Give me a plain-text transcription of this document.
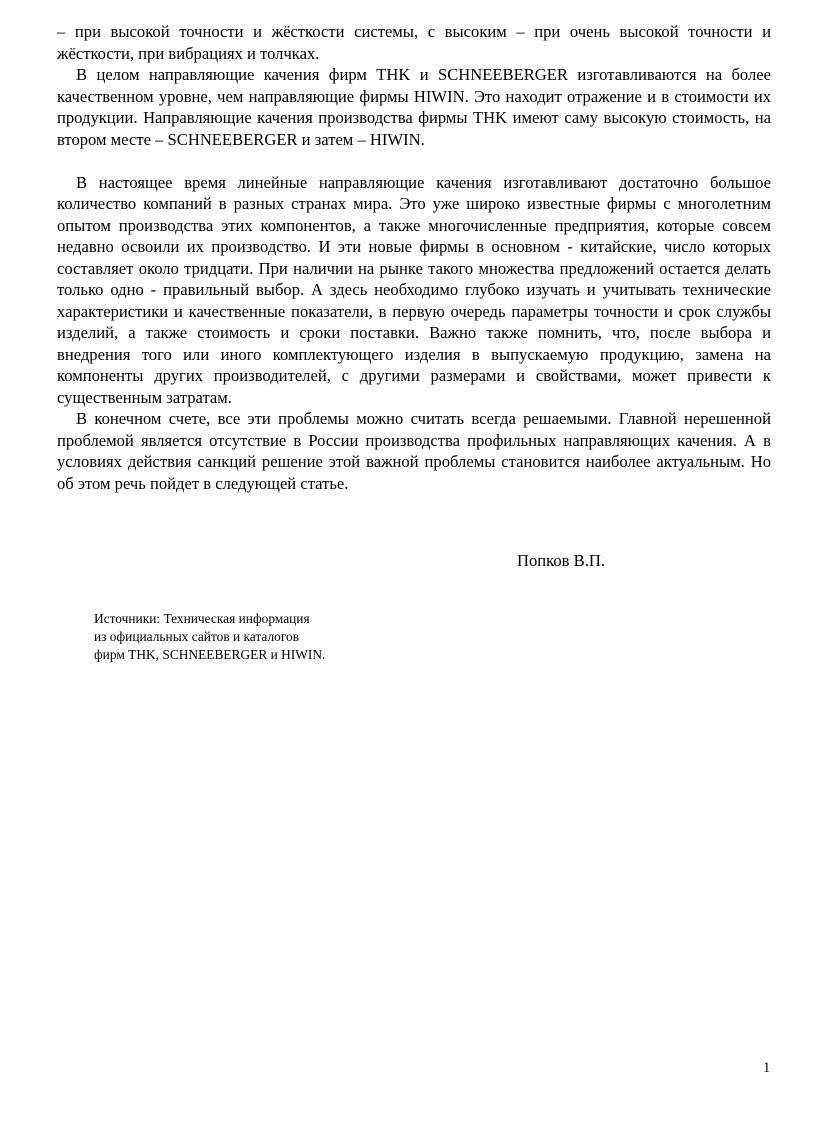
– при высокой точности и жёсткости системы, с высоким – при очень высокой точности и жёсткости, при вибрациях и толчках.

В целом направляющие качения фирм THK и SCHNEEBERGER изготавливаются на более качественном уровне, чем направляющие фирмы HIWIN. Это находит отражение и в стоимости их продукции. Направляющие качения производства фирмы THK имеют саму высокую стоимость, на втором месте – SCHNEEBERGER и затем – HIWIN.

В настоящее время линейные направляющие качения изготавливают достаточно большое количество компаний в разных странах мира. Это уже широко известные фирмы с многолетним опытом производства этих компонентов, а также многочисленные предприятия, которые совсем недавно освоили их производство. И эти новые фирмы в основном - китайские, число которых составляет около тридцати. При наличии на рынке такого множества предложений остается делать только одно - правильный выбор. А здесь необходимо глубоко изучать и учитывать технические характеристики и качественные показатели, в первую очередь параметры точности и срок службы изделий, а также стоимость и сроки поставки. Важно также помнить, что, после выбора и внедрения того или иного комплектующего изделия в выпускаемую продукцию, замена на компоненты других производителей, с другими размерами и свойствами, может привести к существенным затратам.

В конечном счете, все эти проблемы можно считать всегда решаемыми. Главной нерешенной проблемой является отсутствие в России производства профильных направляющих качения. А в условиях действия санкций решение этой важной проблемы становится наиболее актуальным. Но об этом речь пойдет в следующей статье.

Попков В.П.

Источники: Техническая информация
из официальных сайтов и каталогов
фирм THK, SCHNEEBERGER и HIWIN.
1
